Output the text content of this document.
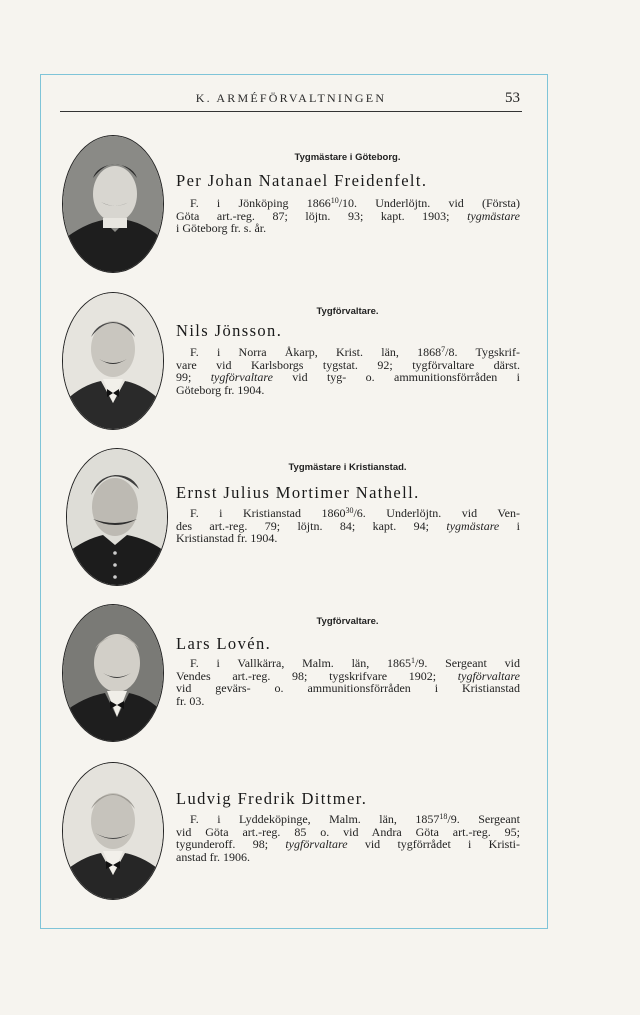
K. ARMÉFÖRVALTNINGEN	53
Tygmästare i Göteborg.
Per Johan Natanael Freidenfelt.
F. i Jönköping 1866$^{10}$/10. Underlöjtn. vid (Första)
Göta art.-reg. 87; löjtn. 93; kapt. 1903; tygmästare
i Göteborg fr. s. år.
Tygförvaltare.
Nils Jönsson.
F. i Norra Åkarp, Krist. län, 1868$^7$/8. Tygskrif-
vare vid Karlsborgs tygstat. 92; tygförvaltare därst.
99; tygförvaltare vid tyg- o. ammunitionsförråden i
Göteborg fr. 1904.
Tygmästare i Kristianstad.
Ernst Julius Mortimer Nathell.
F. i Kristianstad 1860$^{30}$/6. Underlöjtn. vid Ven-
des art.-reg. 79; löjtn. 84; kapt. 94; tygmästare i
Kristianstad fr. 1904.
Tygförvaltare.
Lars Lovén.
F. i Vallkärra, Malm. län, 1865$^1$/9. Sergeant vid
Vendes art.-reg. 98; tygskrifvare 1902; tygförvaltare
vid gevärs- o. ammunitionsförråden i Kristianstad
fr. 03.
Ludvig Fredrik Dittmer.
F. i Lyddeköpinge, Malm. län, 1857$^{18}$/9. Sergeant
vid Göta art.-reg. 85 o. vid Andra Göta art.-reg. 95;
tygunderoff. 98; tygförvaltare vid tygförrådet i Kristi-
anstad fr. 1906.
